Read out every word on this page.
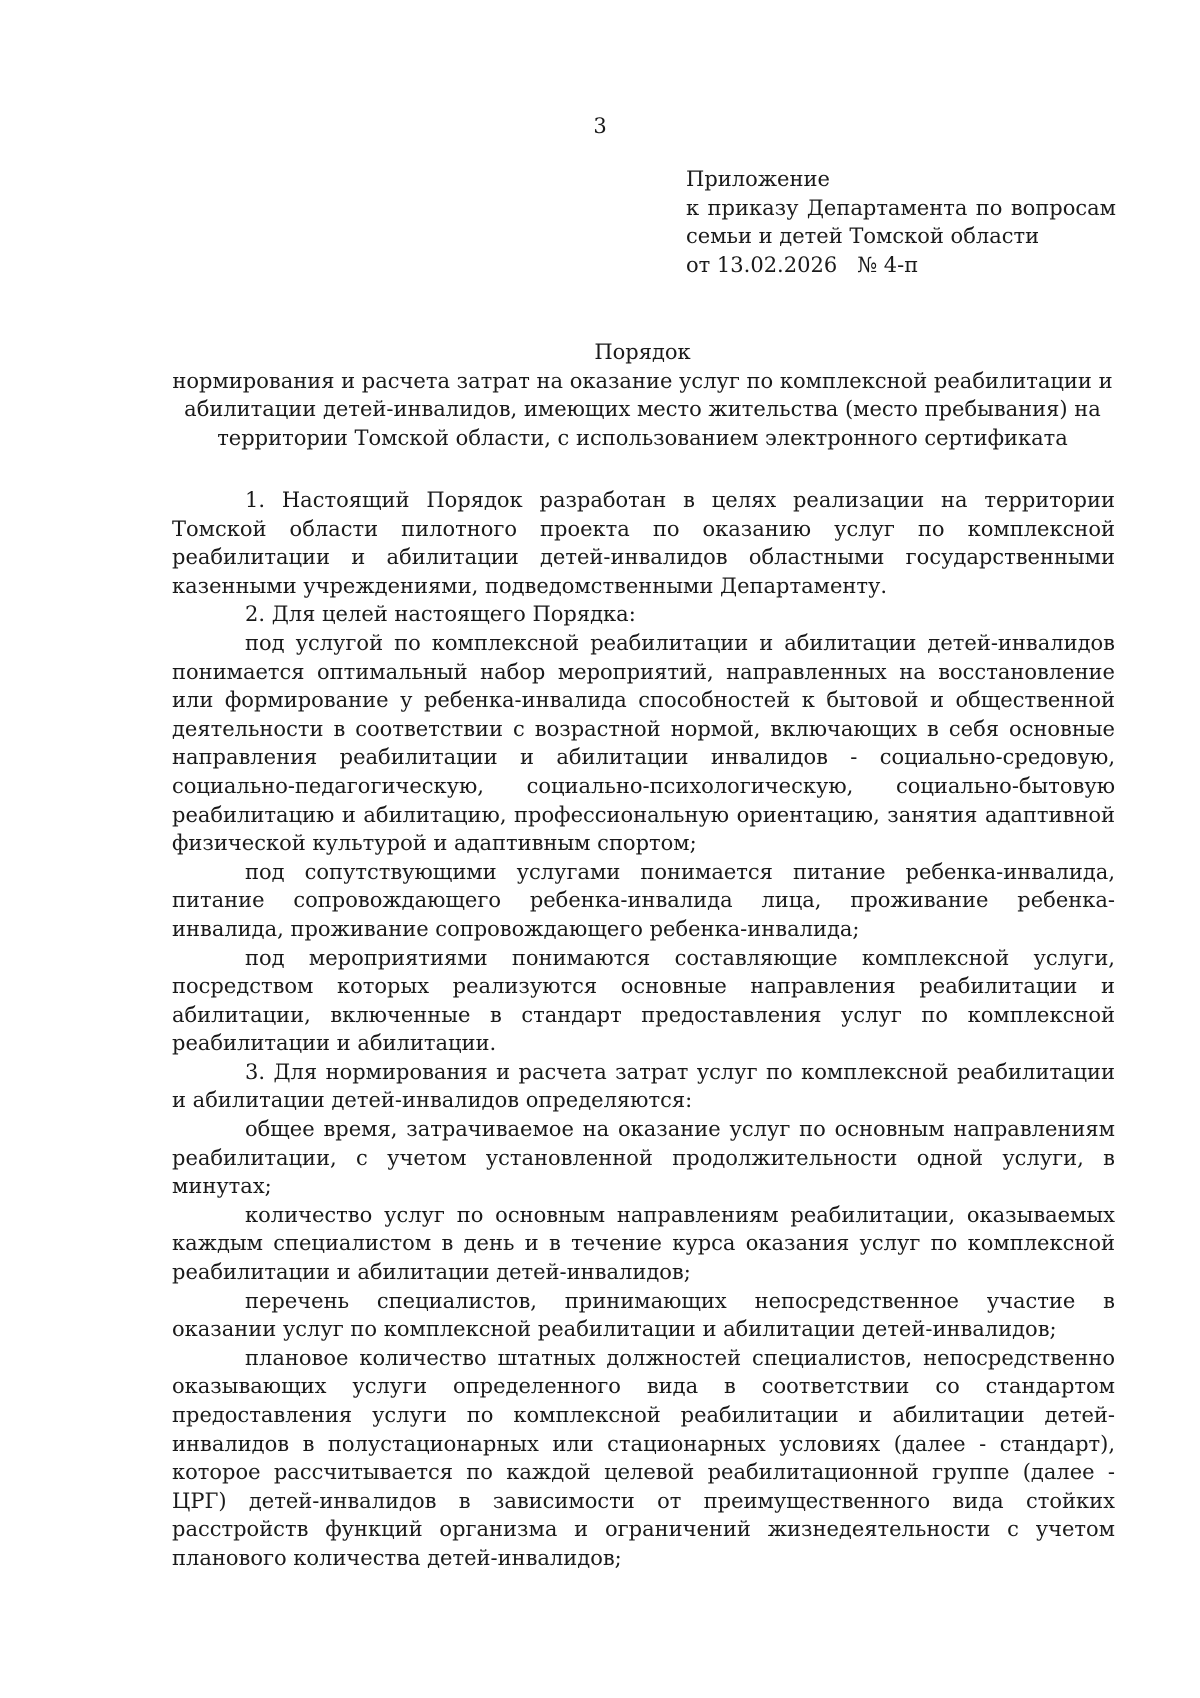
3
Приложение
к приказу Департамента по вопросам
семьи и детей Томской области
от 13.02.2026   № 4-п
Порядок
нормирования и расчета затрат на оказание услуг по комплексной реабилитации и абилитации детей-инвалидов, имеющих место жительства (место пребывания) на территории Томской области, с использованием электронного сертификата

1. Настоящий Порядок разработан в целях реализации на территории Томской области пилотного проекта по оказанию услуг по комплексной реабилитации и абилитации детей-инвалидов областными государственными казенными учреждениями, подведомственными Департаменту.

2. Для целей настоящего Порядка:

под услугой по комплексной реабилитации и абилитации детей-инвалидов понимается оптимальный набор мероприятий, направленных на восстановление или формирование у ребенка-инвалида способностей к бытовой и общественной деятельности в соответствии с возрастной нормой, включающих в себя основные направления реабилитации и абилитации инвалидов - социально-средовую, социально-педагогическую, социально-психологическую, социально-бытовую реабилитацию и абилитацию, профессиональную ориентацию, занятия адаптивной физической культурой и адаптивным спортом;

под сопутствующими услугами понимается питание ребенка-инвалида, питание сопровождающего ребенка-инвалида лица, проживание ребенка-инвалида, проживание сопровождающего ребенка-инвалида;

под мероприятиями понимаются составляющие комплексной услуги, посредством которых реализуются основные направления реабилитации и абилитации, включенные в стандарт предоставления услуг по комплексной реабилитации и абилитации.

3. Для нормирования и расчета затрат услуг по комплексной реабилитации и абилитации детей-инвалидов определяются:

общее время, затрачиваемое на оказание услуг по основным направлениям реабилитации, с учетом установленной продолжительности одной услуги, в минутах;

количество услуг по основным направлениям реабилитации, оказываемых каждым специалистом в день и в течение курса оказания услуг по комплексной реабилитации и абилитации детей-инвалидов;

перечень специалистов, принимающих непосредственное участие в оказании услуг по комплексной реабилитации и абилитации детей-инвалидов;

плановое количество штатных должностей специалистов, непосредственно оказывающих услуги определенного вида в соответствии со стандартом предоставления услуги по комплексной реабилитации и абилитации детей-инвалидов в полустационарных или стационарных условиях (далее - стандарт), которое рассчитывается по каждой целевой реабилитационной группе (далее - ЦРГ) детей-инвалидов в зависимости от преимущественного вида стойких расстройств функций организма и ограничений жизнедеятельности с учетом планового количества детей-инвалидов;
